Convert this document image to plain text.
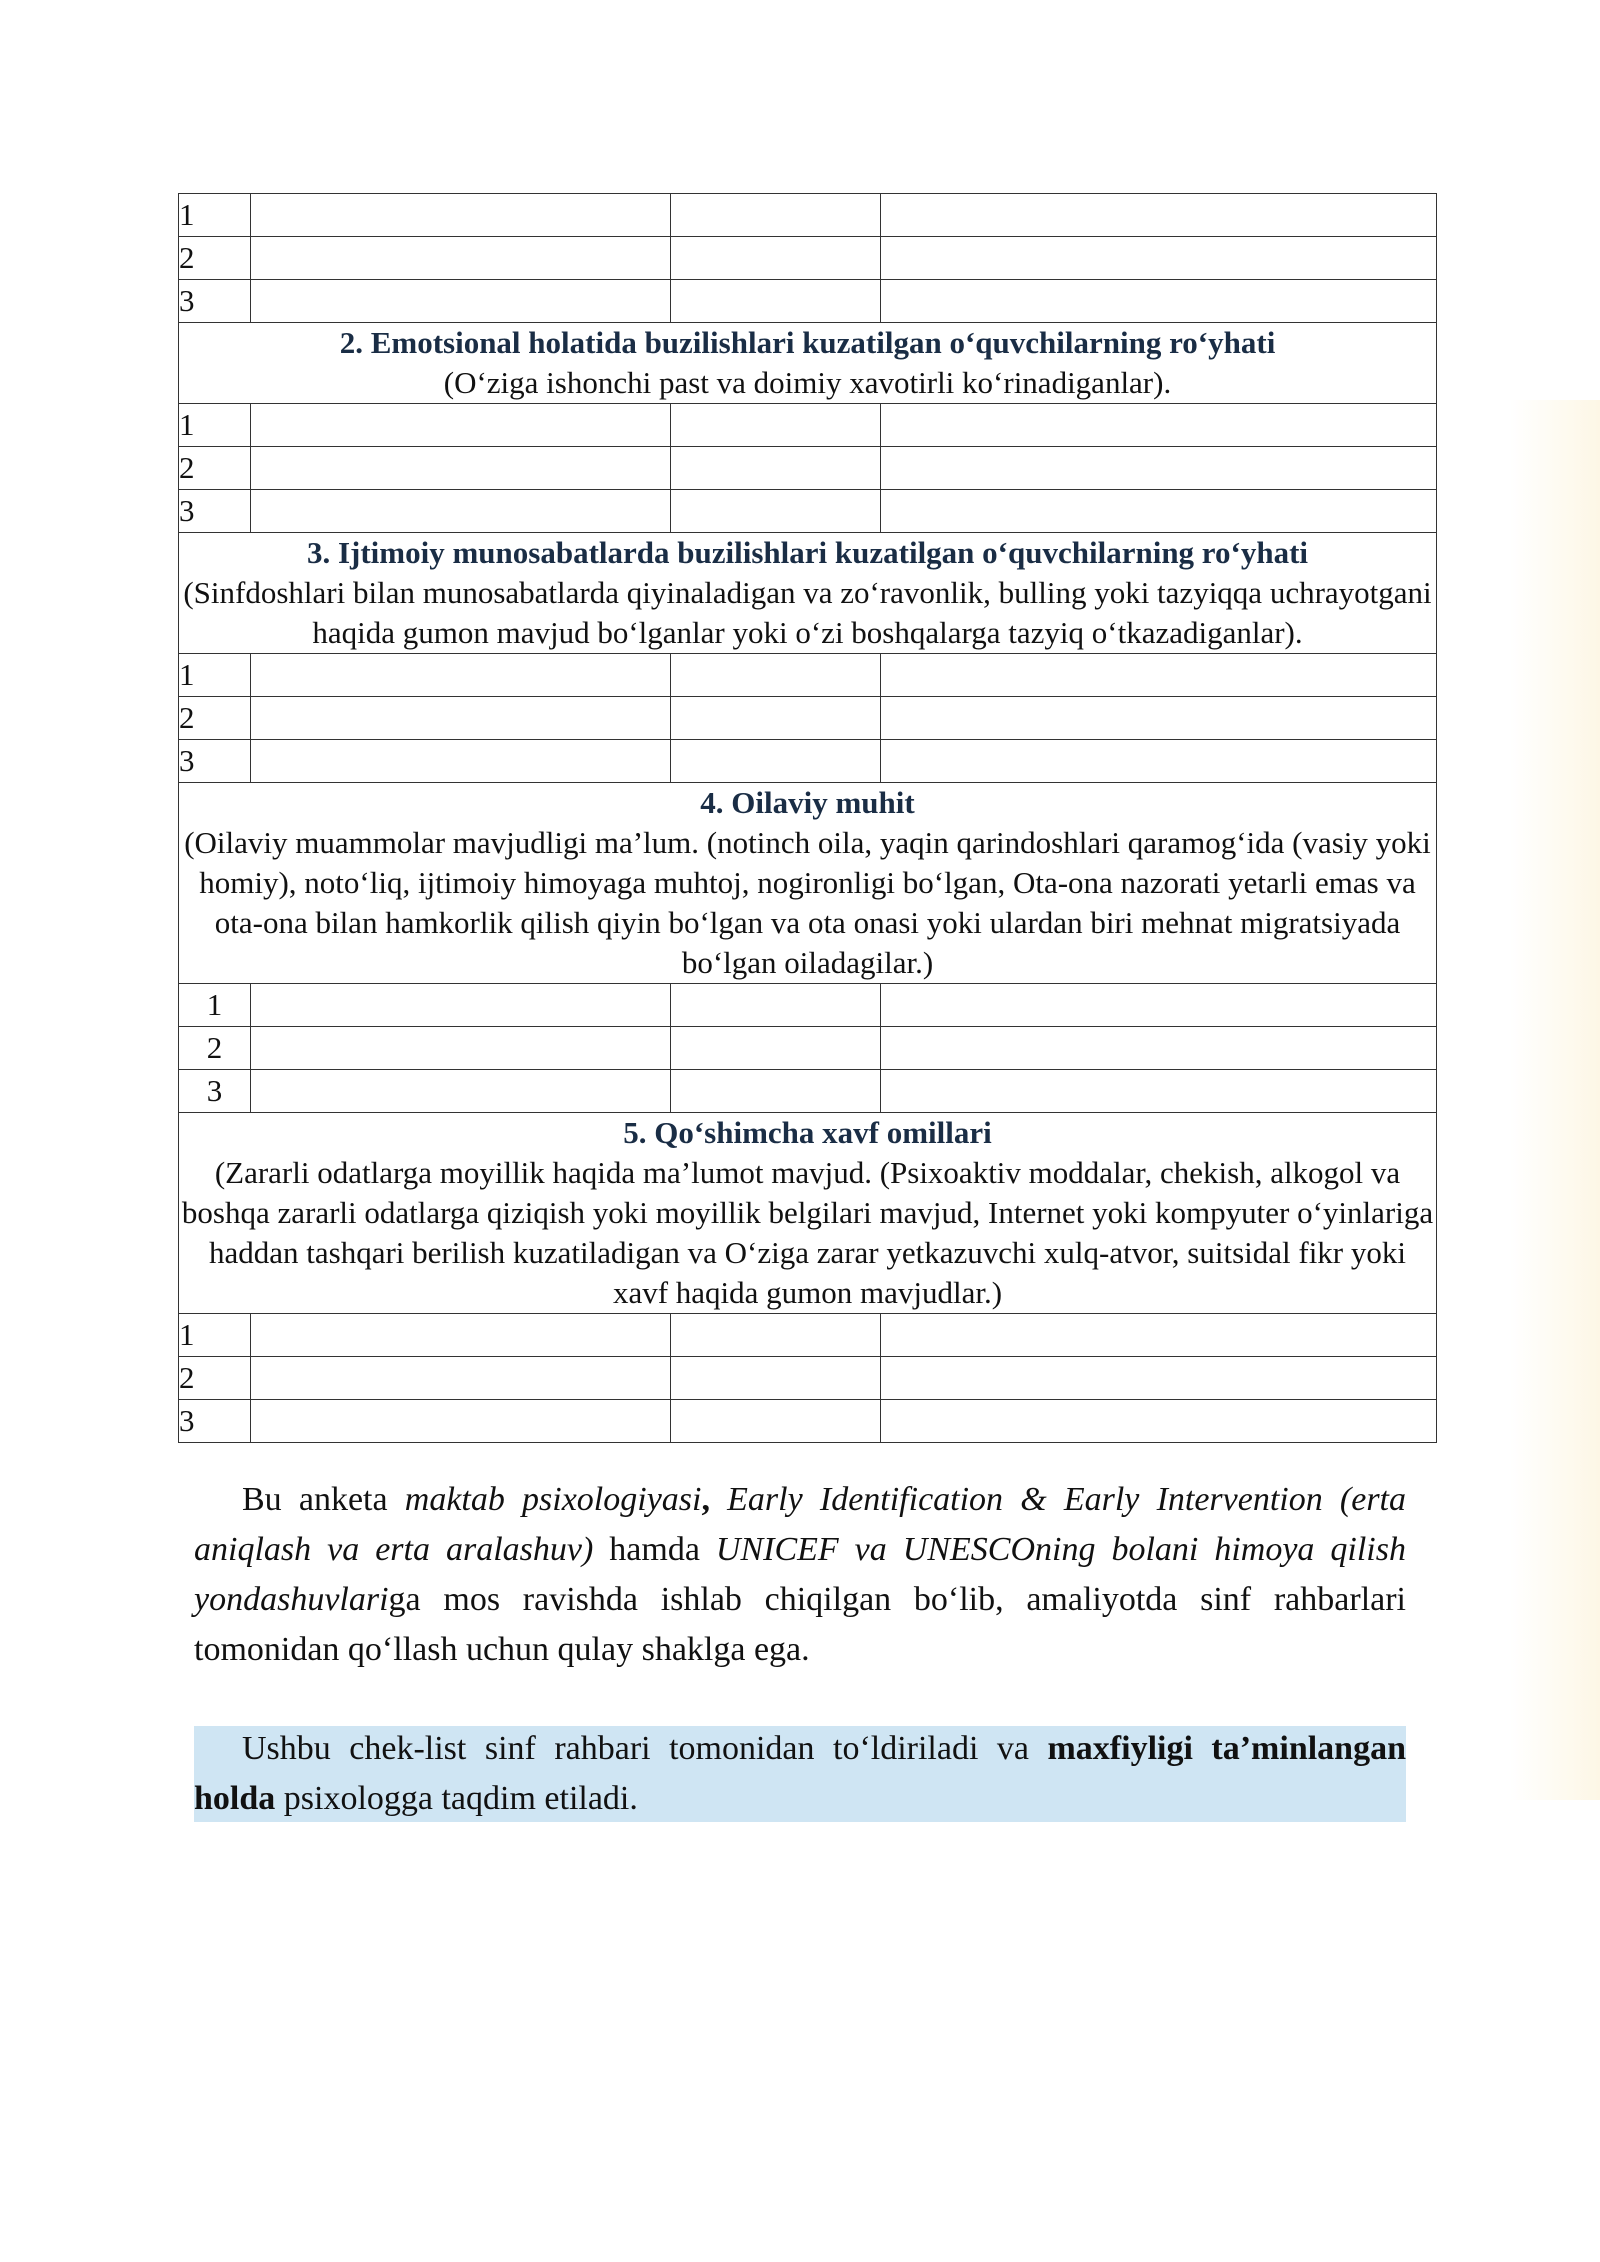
1			
2			
3			

2. Emotsional holatida buzilishlari kuzatilgan o‘quvchilarning ro‘yhati
(O‘ziga ishonchi past va doimiy xavotirli ko‘rinadiganlar).			

1			
2			
3			

3. Ijtimoiy munosabatlarda buzilishlari kuzatilgan o‘quvchilarning ro‘yhati
(Sinfdoshlari bilan munosabatlarda qiyinaladigan va zo‘ravonlik, bulling yoki tazyiqqa uchrayotgani haqida gumon mavjud bo‘lganlar yoki o‘zi boshqalarga tazyiq o‘tkazadiganlar).			

1			
2			
3			

4. Oilaviy muhit
(Oilaviy muammolar mavjudligi ma’lum. (notinch oila, yaqin qarindoshlari qaramog‘ida (vasiy yoki homiy), noto‘liq, ijtimoiy himoyaga muhtoj, nogironligi bo‘lgan, Ota-ona nazorati yetarli emas va ota-ona bilan hamkorlik qilish qiyin bo‘lgan va ota onasi yoki ulardan biri mehnat migratsiyada bo‘lgan oiladagilar.)			

1			
2			
3			

5. Qo‘shimcha xavf omillari
(Zararli odatlarga moyillik haqida ma’lumot mavjud. (Psixoaktiv moddalar, chekish, alkogol va boshqa zararli odatlarga qiziqish yoki moyillik belgilari mavjud, Internet yoki kompyuter o‘yinlariga haddan tashqari berilish kuzatiladigan va O‘ziga zarar yetkazuvchi xulq-atvor, suitsidal fikr yoki xavf haqida gumon mavjudlar.)			

1			
2			
3			

Bu anketa maktab psixologiyasi, Early Identification & Early Intervention (erta aniqlash va erta aralashuv) hamda UNICEF va UNESCOning bolani himoya qilish yondashuvlariga mos ravishda ishlab chiqilgan bo‘lib, amaliyotda sinf rahbarlari tomonidan qo‘llash uchun qulay shaklga ega.

Ushbu chek-list sinf rahbari tomonidan to‘ldiriladi va maxfiyligi ta’minlangan holda psixologga taqdim etiladi.
